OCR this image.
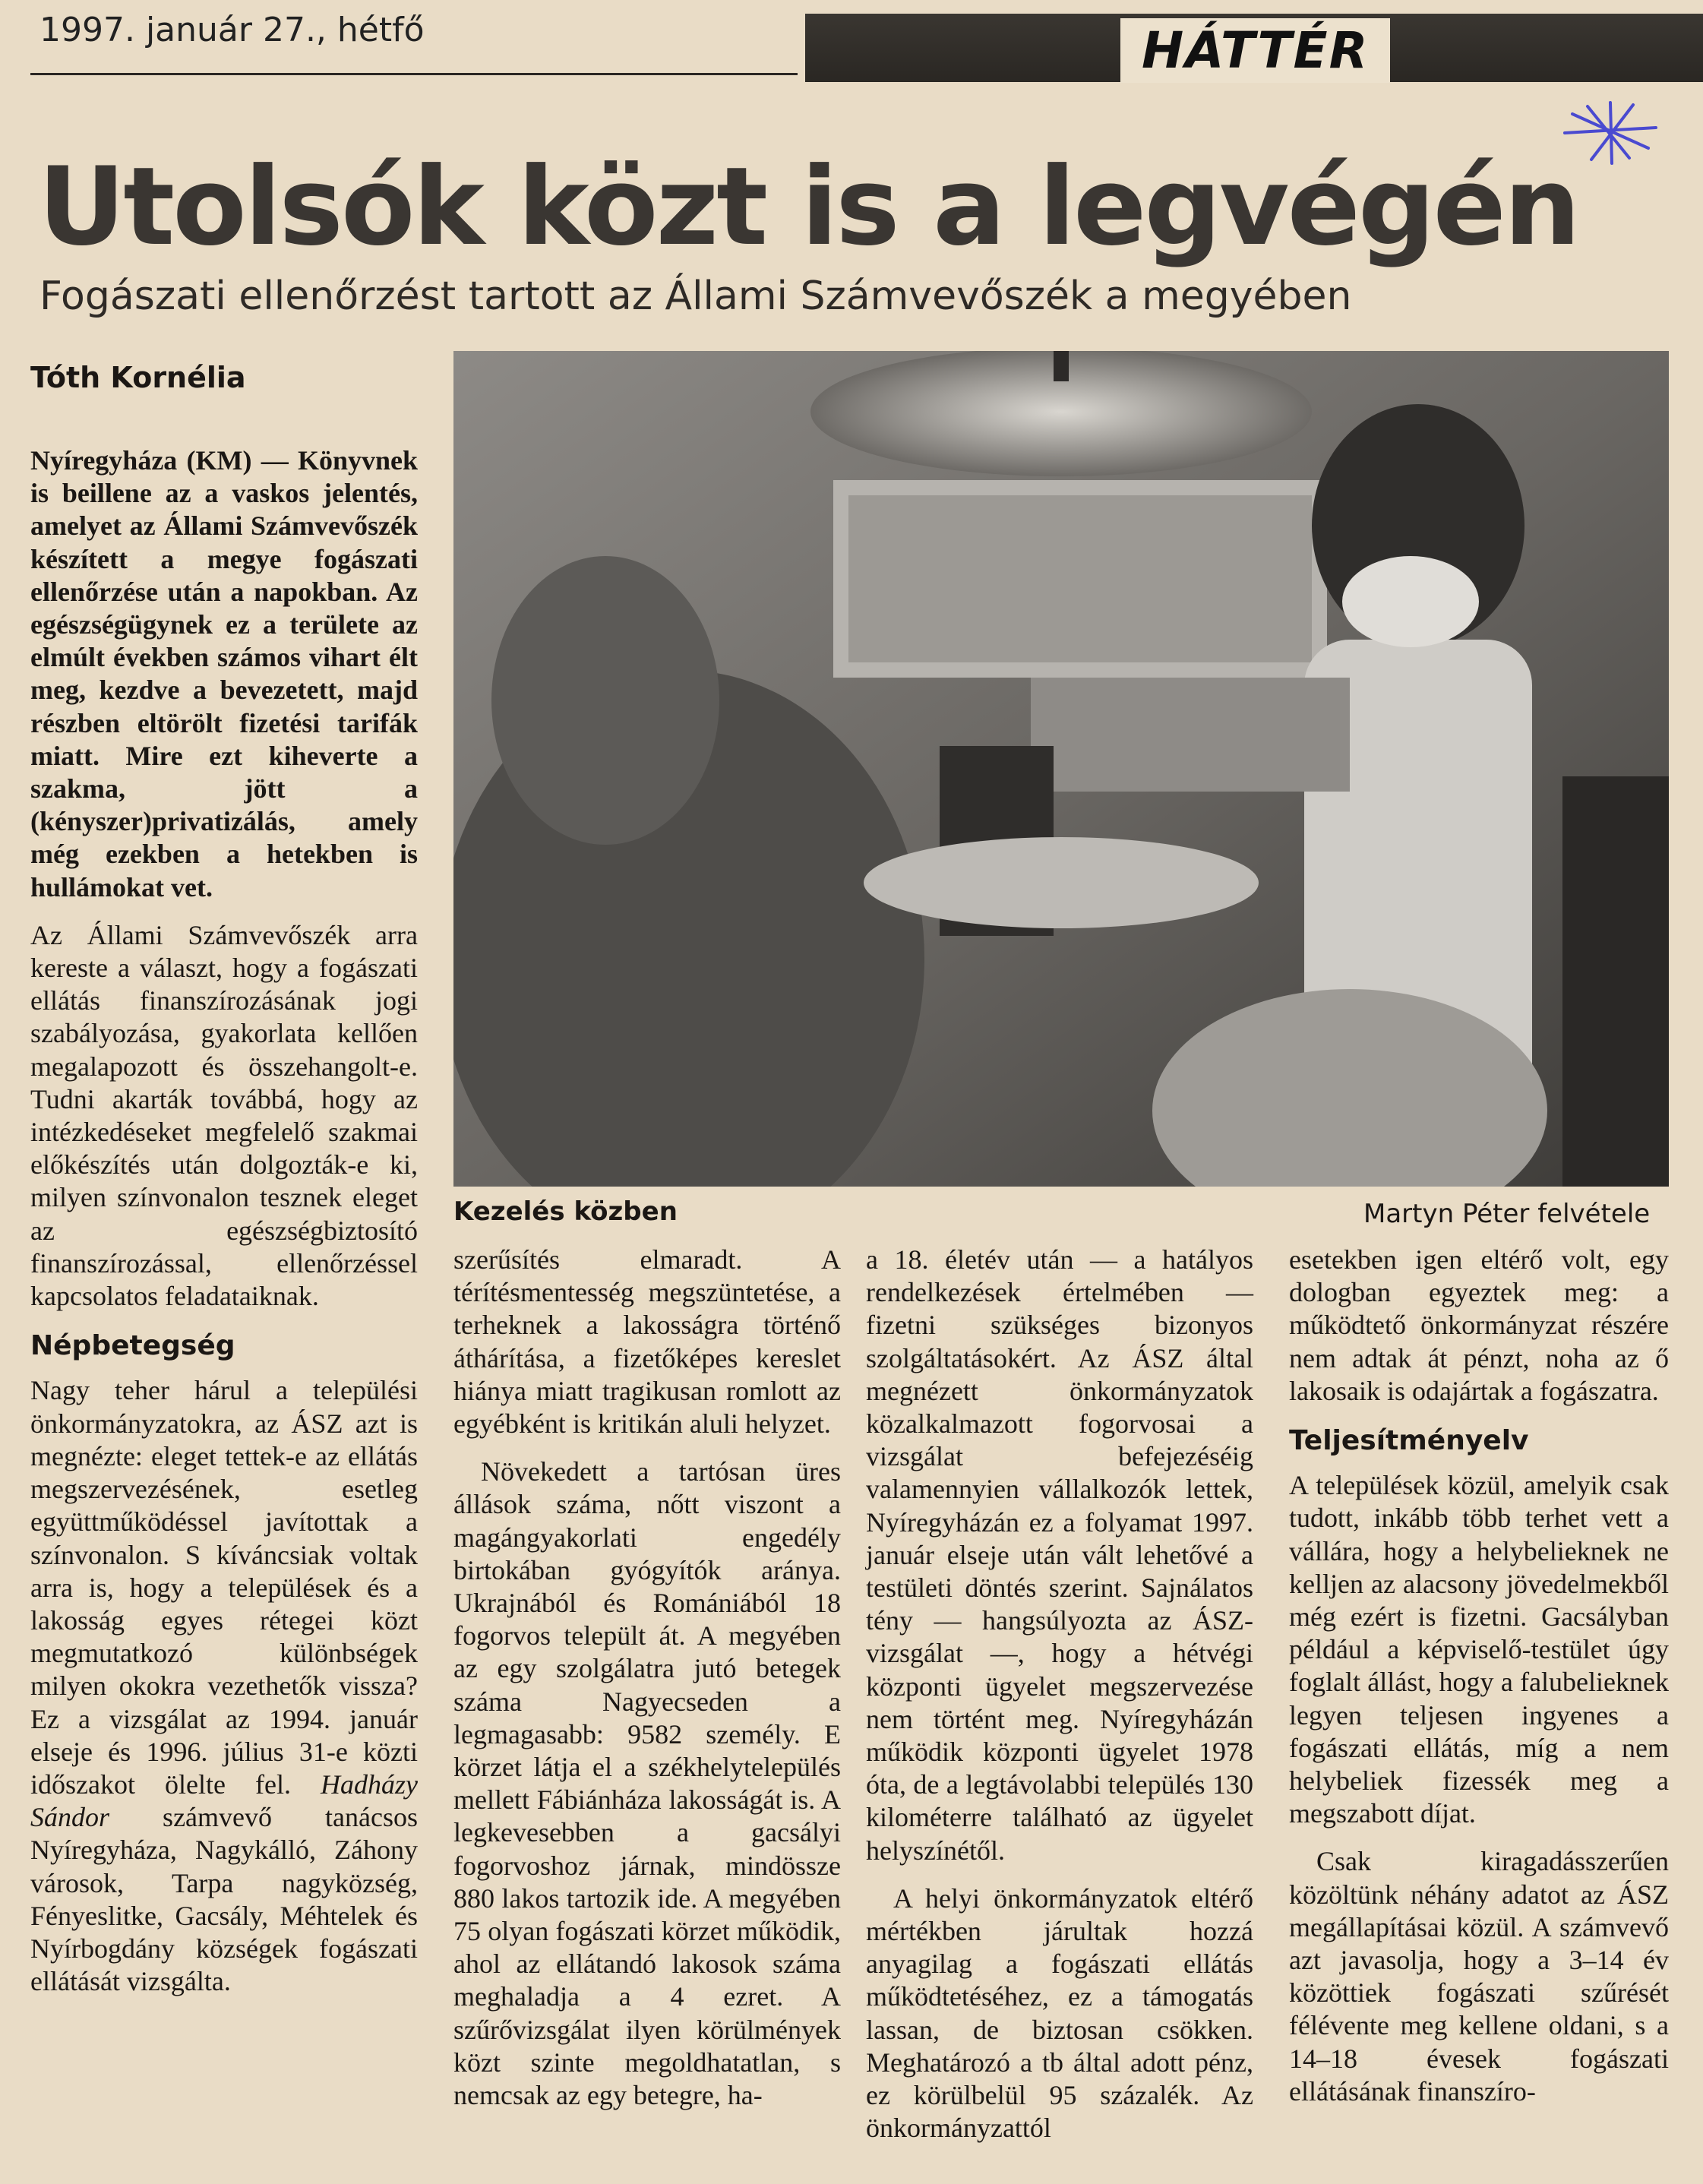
1997. január 27., hétfő	HÁTTÉR
Utolsók közt is a legvégén
Fogászati ellenőrzést tartott az Állami Számvevőszék a megyében
Tóth Kornélia

Nyíregyháza (KM) — Könyvnek is beillene az a vaskos jelentés, amelyet az Állami Számvevőszék készített a megye fogászati ellenőrzése után a napokban. Az egészségügynek ez a területe az elmúlt években számos vihart élt meg, kezdve a bevezetett, majd részben eltörölt fizetési tarifák miatt. Mire ezt kiheverte a szakma, jött a (kényszer)privatizálás, amely még ezekben a hetekben is hullámokat vet.

Az Állami Számvevőszék arra kereste a választ, hogy a fogászati ellátás finanszírozásának jogi szabályozása, gyakorlata kellően megalapozott és összehangolt-e. Tudni akarták továbbá, hogy az intézkedéseket megfelelő szakmai előkészítés után dolgozták-e ki, milyen színvonalon tesznek eleget az egészségbiztosító finanszírozással, ellenőrzéssel kapcsolatos feladataiknak.

Népbetegség

Nagy teher hárul a települési önkormányzatokra, az ÁSZ azt is megnézte: eleget tettek-e az ellátás megszervezésének, esetleg együttműködéssel javítottak a színvonalon. S kíváncsiak voltak arra is, hogy a települések és a lakosság egyes rétegei közt megmutatkozó különbségek milyen okokra vezethetők vissza? Ez a vizsgálat az 1994. január elseje és 1996. július 31-e közti időszakot ölelte fel. Hadházy Sándor számvevő tanácsos Nyíregyháza, Nagykálló, Záhony városok, Tarpa nagyközség, Fényeslitke, Gacsály, Méhtelek és Nyírbogdány községek fogászati ellátását vizsgálta.

Kezelés közben	Martyn Péter felvétele

szerűsítés elmaradt. A térítésmentesség megszüntetése, a terheknek a lakosságra történő áthárítása, a fizetőképes kereslet hiánya miatt tragikusan romlott az egyébként is kritikán aluli helyzet.

Növekedett a tartósan üres állások száma, nőtt viszont a magángyakorlati engedély birtokában gyógyítók aránya. Ukrajnából és Romániából 18 fogorvos települt át. A megyében az egy szolgálatra jutó betegek száma Nagyecseden a legmagasabb: 9582 személy. E körzet látja el a székhelytelepülés mellett Fábiánháza lakosságát is. A legkevesebben a gacsályi fogorvoshoz járnak, mindössze 880 lakos tartozik ide. A megyében 75 olyan fogászati körzet működik, ahol az ellátandó lakosok száma meghaladja a 4 ezret. A szűrővizsgálat ilyen körülmények közt szinte megoldhatatlan, s nemcsak az egy betegre, ha-

a 18. életév után — a hatályos rendelkezések értelmében — fizetni szükséges bizonyos szolgáltatásokért. Az ÁSZ által megnézett önkormányzatok közalkalmazott fogorvosai a vizsgálat befejezéséig valamennyien vállalkozók lettek, Nyíregyházán ez a folyamat 1997. január elseje után vált lehetővé a testületi döntés szerint. Sajnálatos tény — hangsúlyozta az ÁSZ-vizsgálat —, hogy a hétvégi központi ügyelet megszervezése nem történt meg. Nyíregyházán működik központi ügyelet 1978 óta, de a legtávolabbi település 130 kilométerre található az ügyelet helyszínétől.

A helyi önkormányzatok eltérő mértékben járultak hozzá anyagilag a fogászati ellátás működtetéséhez, ez a támogatás lassan, de biztosan csökken. Meghatározó a tb által adott pénz, ez körülbelül 95 százalék. Az önkormányzattól

esetekben igen eltérő volt, egy dologban egyeztek meg: a működtető önkormányzat részére nem adtak át pénzt, noha az ő lakosaik is odajártak a fogászatra.

Teljesítményelv

A települések közül, amelyik csak tudott, inkább több terhet vett a vállára, hogy a helybelieknek ne kelljen az alacsony jövedelmekből még ezért is fizetni. Gacsályban például a képviselő-testület úgy foglalt állást, hogy a falubelieknek legyen teljesen ingyenes a fogászati ellátás, míg a nem helybeliek fizessék meg a megszabott díjat.

Csak kiragadásszerűen közöltünk néhány adatot az ÁSZ megállapításai közül. A számvevő azt javasolja, hogy a 3–14 év közöttiek fogászati szűrését félévente meg kellene oldani, s a 14–18 évesek fogászati ellátásának finanszíro-
